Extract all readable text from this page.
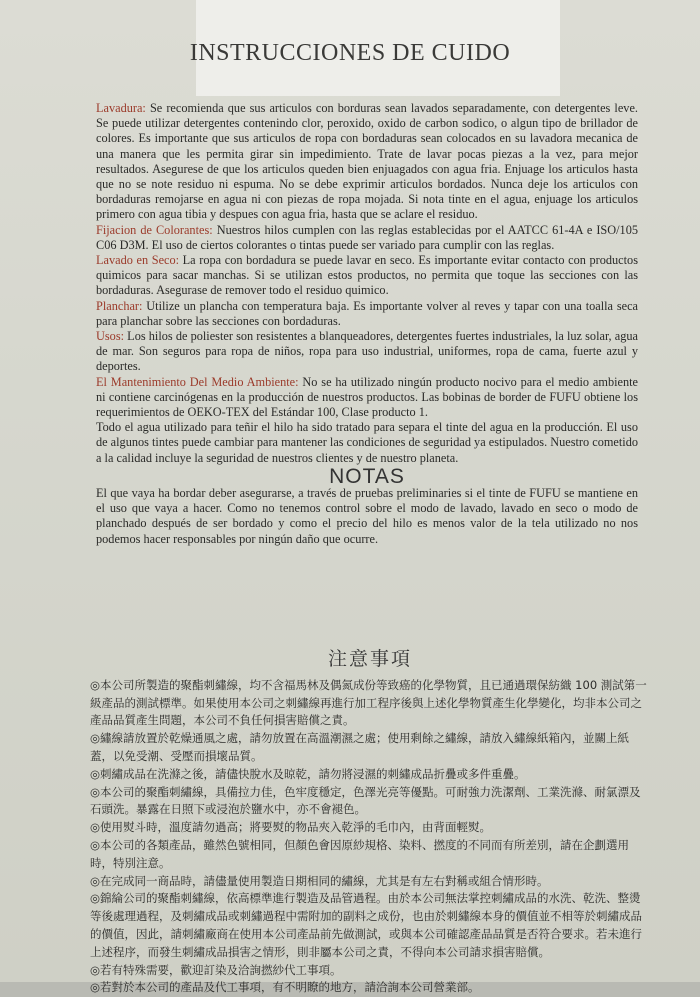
INSTRUCCIONES DE CUIDO

Lavadura: Se recomienda que sus articulos con borduras sean lavados separadamente, con detergentes leve. Se puede utilizar detergentes contenindo clor, peroxido, oxido de carbon sodico, o algun tipo de brillador de colores. Es importante que sus articulos de ropa con bordaduras sean colocados en su lavadora mecanica de una manera que les permita girar sin impedimiento. Trate de lavar pocas piezas a la vez, para mejor resultados. Asegurese de que los articulos queden bien enjuagados con agua fria. Enjuage los articulos hasta que no se note residuo ni espuma. No se debe exprimir articulos bordados. Nunca deje los articulos con bordaduras remojarse en agua ni con piezas de ropa mojada. Si nota tinte en el agua, enjuage los articulos primero con agua tibia y despues con agua fria, hasta que se aclare el residuo.

Fijacion de Colorantes: Nuestros hilos cumplen con las reglas establecidas por el AATCC 61-4A e ISO/105 C06 D3M. El uso de ciertos colorantes o tintas puede ser variado para cumplir con las reglas.

Lavado en Seco: La ropa con bordadura se puede lavar en seco. Es importante evitar contacto con productos quimicos para sacar manchas. Si se utilizan estos productos, no permita que toque las secciones con las bordaduras. Asegurase de remover todo el residuo quimico.

Planchar: Utilize un plancha con temperatura baja. Es importante volver al reves y tapar con una toalla seca para planchar sobre las secciones con bordaduras.

Usos: Los hilos de poliester son resistentes a blanqueadores, detergentes fuertes industriales, la luz solar, agua de mar. Son seguros para ropa de niños, ropa para uso industrial, uniformes, ropa de cama, fuerte azul y deportes.

El Mantenimiento Del Medio Ambiente: No se ha utilizado ningún producto nocivo para el medio ambiente ni contiene carcinógenas en la producción de nuestros productos. Las bobinas de border de FUFU obtiene los requerimientos de OEKO-TEX del Estándar 100, Clase producto 1.

Todo el agua utilizado para teñir el hilo ha sido tratado para separa el tinte del agua en la producción. El uso de algunos tintes puede cambiar para mantener las condiciones de seguridad ya estipulados. Nuestro cometido a la calidad incluye la seguridad de nuestros clientes y de nuestro planeta.

NOTAS

El que vaya ha bordar deber asegurarse, a través de pruebas preliminaries si el tinte de FUFU se mantiene en el uso que vaya a hacer. Como no tenemos control sobre el modo de lavado, lavado en seco o modo de planchado después de ser bordado y como el precio del hilo es menos valor de la tela utilizado no nos podemos hacer responsables por ningún daño que ocurre.

注意事項

◎本公司所製造的聚酯刺繡線，均不含福馬林及偶氮成份等致癌的化學物質，且已通過環保紡織 100 測試第一級產品的測試標準。如果使用本公司之刺繡線再進行加工程序後與上述化學物質產生化學變化，均非本公司之產品品質產生問題，本公司不負任何損害賠償之責。

◎繡線請放置於乾燥通風之處，請勿放置在高溫潮濕之處；使用剩餘之繡線，請放入繡線紙箱內，並關上紙蓋，以免受潮、受壓而損壞品質。

◎刺繡成品在洗滌之後，請儘快脫水及晾乾，請勿將浸濕的刺繡成品折疊或多件重疊。

◎本公司的聚酯刺繡線，具備拉力佳，色牢度穩定，色澤光亮等優點。可耐強力洗潔劑、工業洗滌、耐氯漂及石頭洗。暴露在日照下或浸泡於鹽水中，亦不會褪色。

◎使用熨斗時，溫度請勿過高；將要熨的物品夾入乾淨的毛巾內，由背面輕熨。

◎本公司的各類產品，雖然色號相同，但顏色會因原紗規格、染料、撚度的不同而有所差別，請在企劃選用時，特別注意。

◎在完成同一商品時，請儘量使用製造日期相同的繡線，尤其是有左右對稱或組合情形時。

◎錦綸公司的聚酯刺繡線，依高標準進行製造及品管過程。由於本公司無法掌控刺繡成品的水洗、乾洗、整燙等後處理過程，及刺繡成品或刺繡過程中需附加的副料之成份，也由於刺繡線本身的價值並不相等於刺繡成品的價值，因此，請刺繡廠商在使用本公司產品前先做測試，或與本公司確認產品品質是否符合要求。若未進行上述程序，而發生刺繡成品損害之情形，則非屬本公司之責，不得向本公司請求損害賠償。

◎若有特殊需要，歡迎訂染及洽詢撚紗代工事項。

◎若對於本公司的產品及代工事項，有不明瞭的地方，請洽詢本公司營業部。
